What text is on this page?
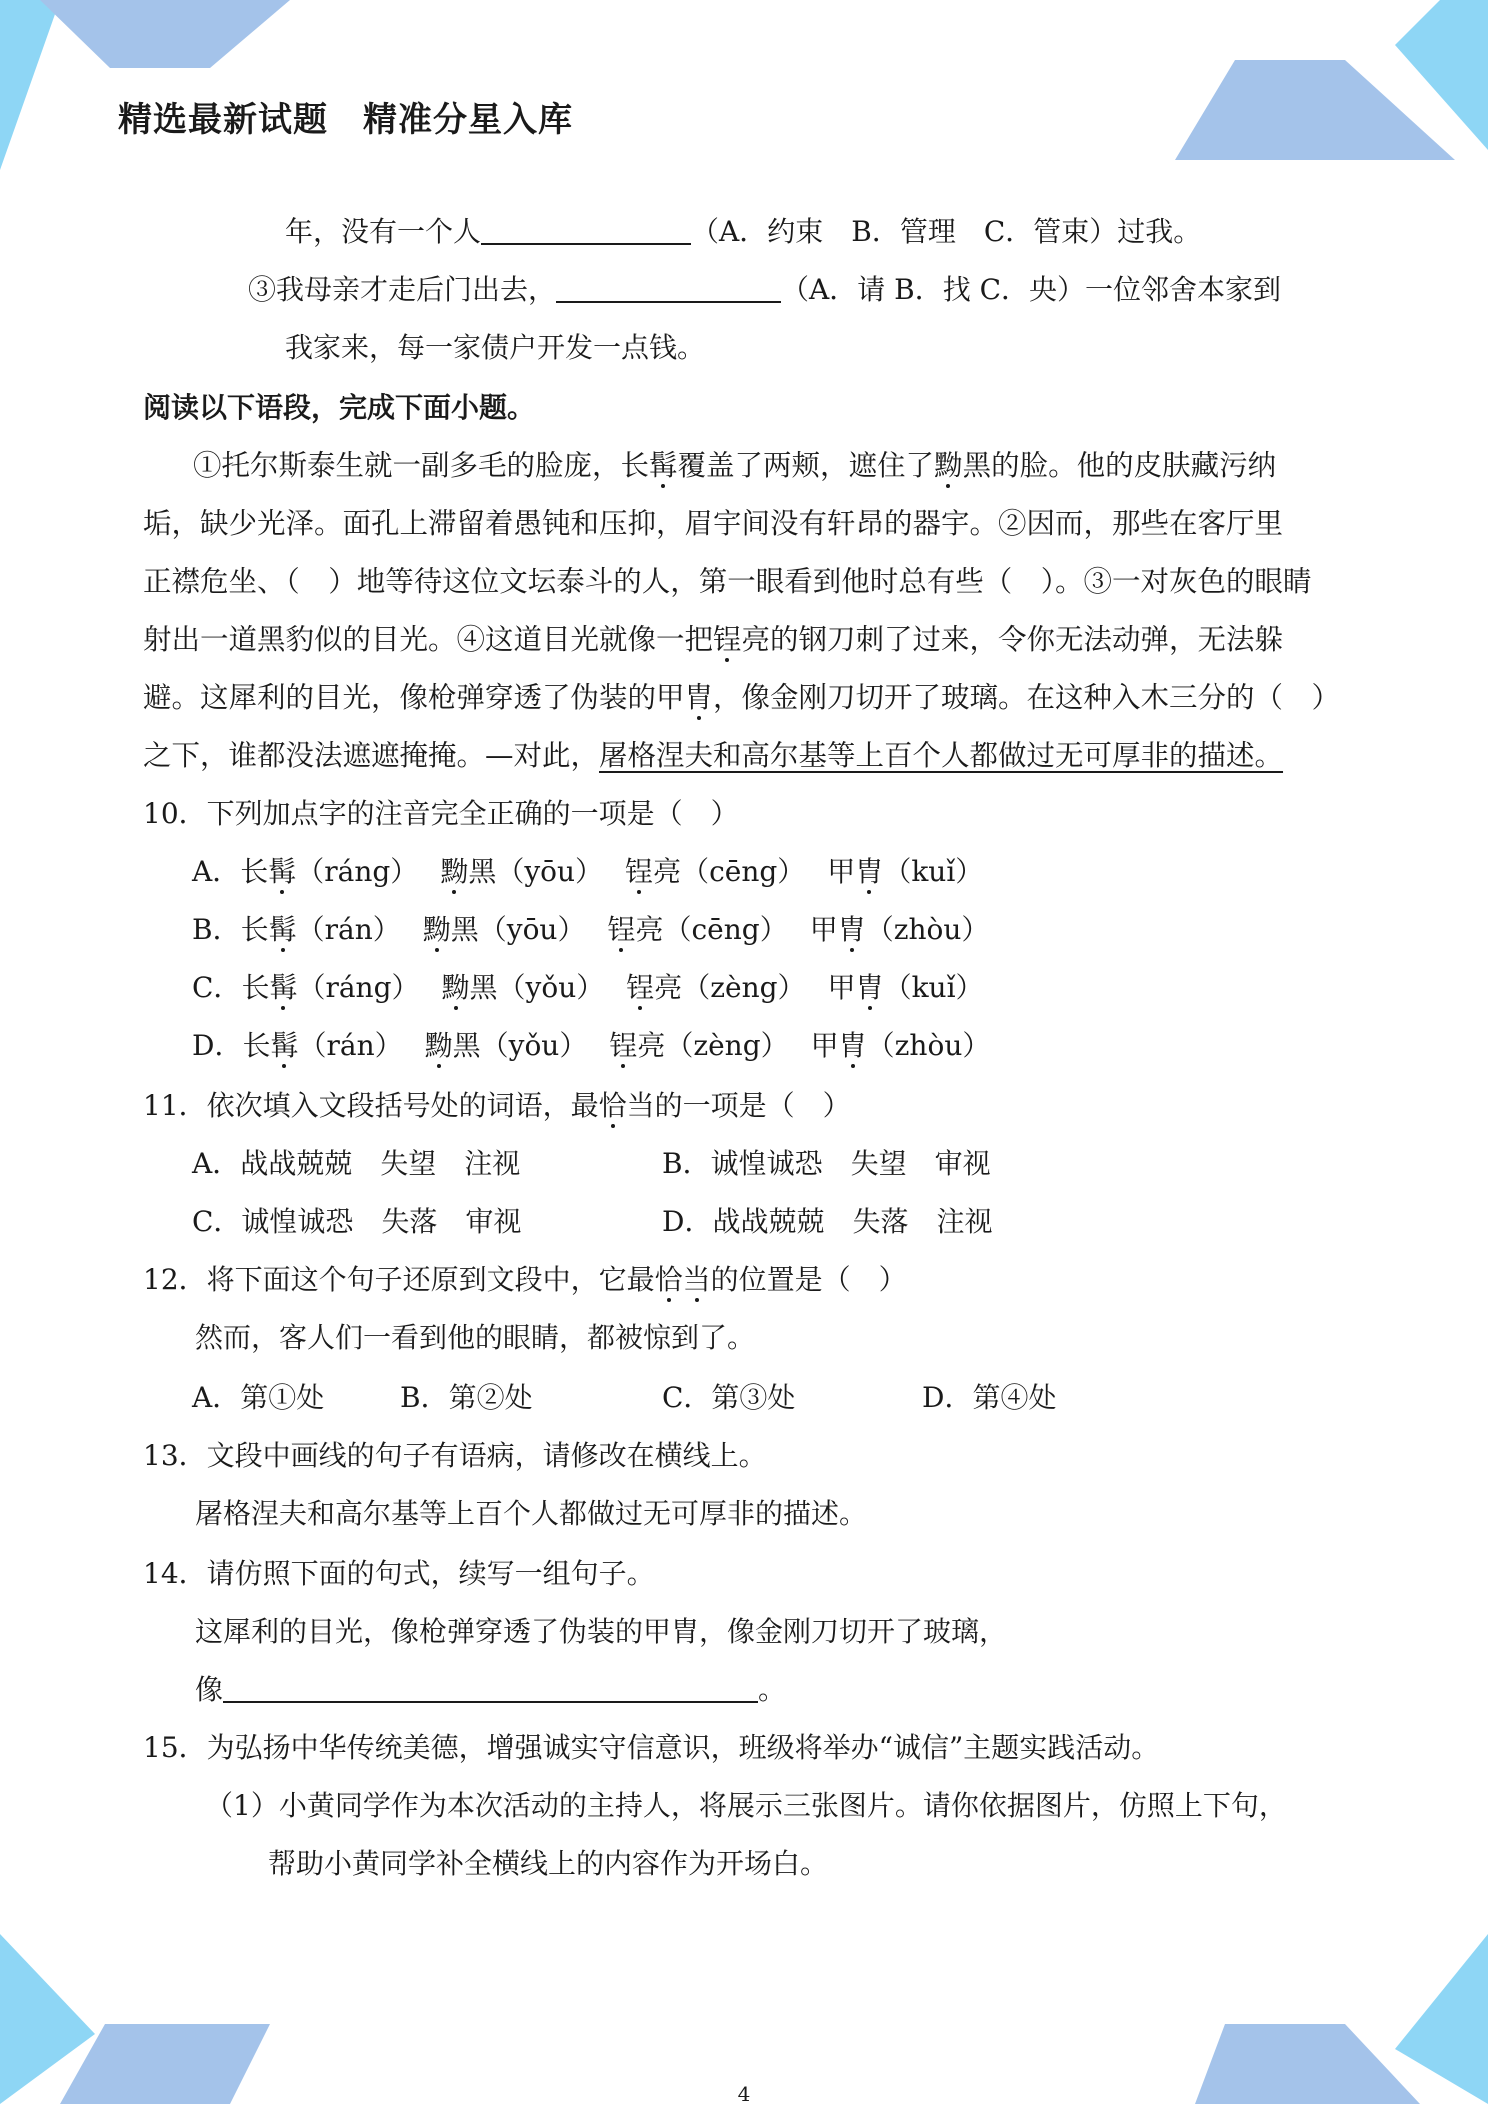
精选最新试题　精准分星入库
年，没有一个人	（A．约束　B．管理　C．管束）过我。
③我母亲才走后门出去，	（A．请 B．找 C．央）一位邻舍本家到
我家来，每一家债户开发一点钱。
阅读以下语段，完成下面小题。
①托尔斯泰生就一副多毛的脸庞，长髯覆盖了两颊，遮住了黝黑的脸。他的皮肤藏污纳
垢，缺少光泽。面孔上滞留着愚钝和压抑，眉宇间没有轩昂的器宇。②因而，那些在客厅里
正襟危坐、（　）地等待这位文坛泰斗的人，第一眼看到他时总有些（　）。③一对灰色的眼睛
射出一道黑豹似的目光。④这道目光就像一把锃亮的钢刀刺了过来，令你无法动弹，无法躲
避。这犀利的目光，像枪弹穿透了伪装的甲胄，像金刚刀切开了玻璃。在这种入木三分的（　）
之下，谁都没法遮遮掩掩。—对此，屠格涅夫和高尔基等上百个人都做过无可厚非的描述。
10．下列加点字的注音完全正确的一项是（　）
A．长髯（ráng） 黝黑（yōu） 锃亮（cēng） 甲胄（kuǐ）
B．长髯（rán） 黝黑（yōu） 锃亮（cēng） 甲胄（zhòu）
C．长髯（ráng） 黝黑（yǒu） 锃亮（zèng） 甲胄（kuǐ）
D．长髯（rán） 黝黑（yǒu） 锃亮（zèng） 甲胄（zhòu）
11．依次填入文段括号处的词语，最恰当的一项是（　）
A．战战兢兢　失望　注视	B．诚惶诚恐　失望　审视
C．诚惶诚恐　失落　审视	D．战战兢兢　失落　注视
12．将下面这个句子还原到文段中，它最恰当的位置是（　）
然而，客人们一看到他的眼睛，都被惊到了。
A．第①处	B．第②处	C．第③处	D．第④处
13．文段中画线的句子有语病，请修改在横线上。
屠格涅夫和高尔基等上百个人都做过无可厚非的描述。
14．请仿照下面的句式，续写一组句子。
这犀利的目光，像枪弹穿透了伪装的甲胄，像金刚刀切开了玻璃，
像	。
15．为弘扬中华传统美德，增强诚实守信意识，班级将举办“诚信”主题实践活动。
（1）小黄同学作为本次活动的主持人，将展示三张图片。请你依据图片，仿照上下句，
帮助小黄同学补全横线上的内容作为开场白。
4
